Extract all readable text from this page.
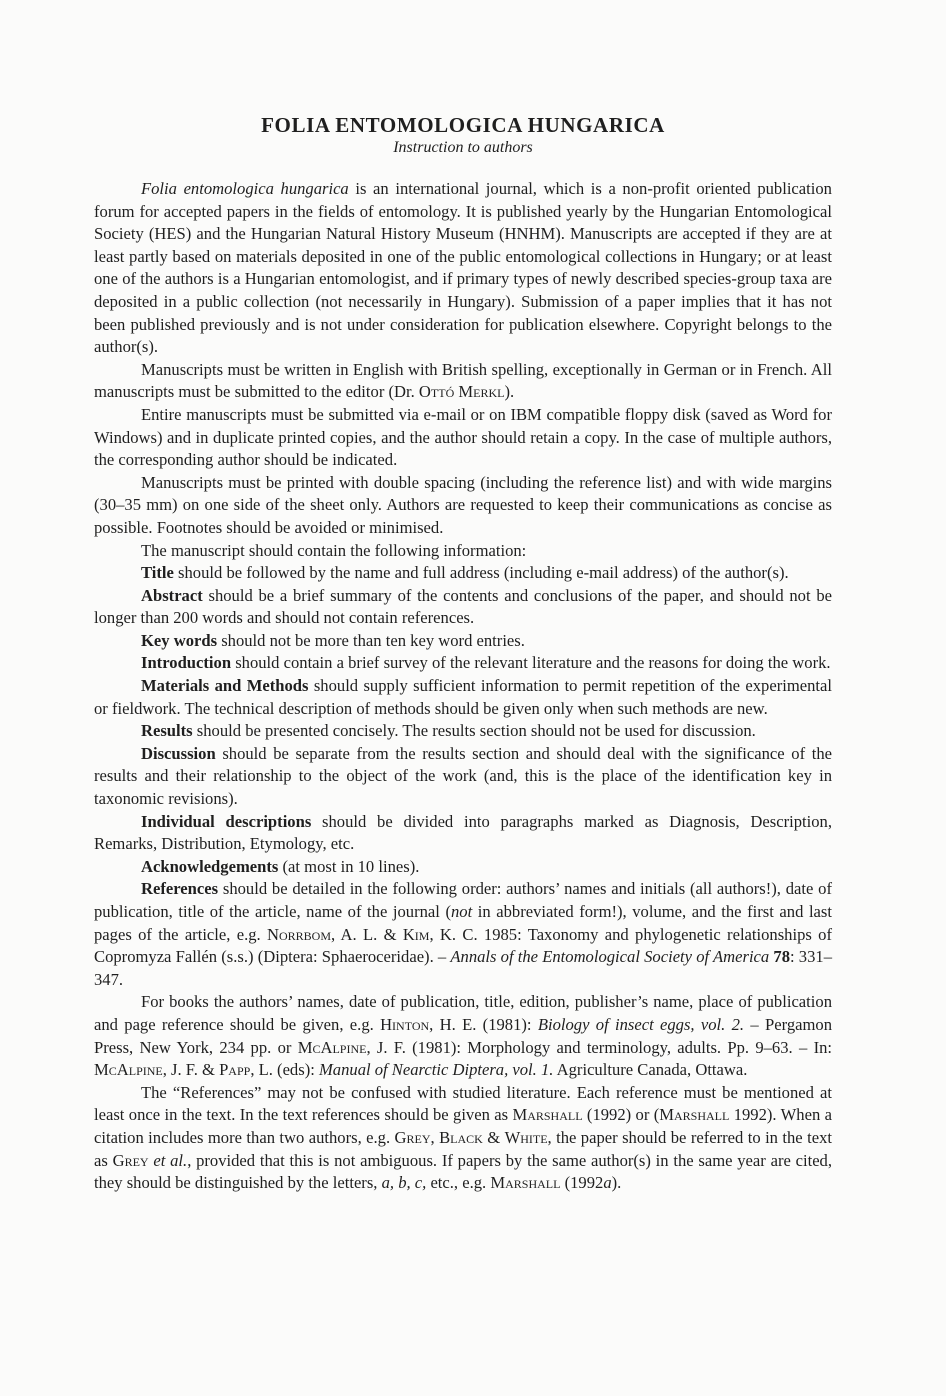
FOLIA ENTOMOLOGICA HUNGARICA
Instruction to authors

Folia entomologica hungarica is an international journal, which is a non-profit oriented publication forum for accepted papers in the fields of entomology. It is published yearly by the Hungarian Entomological Society (HES) and the Hungarian Natural History Museum (HNHM). Manuscripts are accepted if they are at least partly based on materials deposited in one of the public entomological collections in Hungary; or at least one of the authors is a Hungarian entomologist, and if primary types of newly described species-group taxa are deposited in a public collection (not necessarily in Hungary). Submission of a paper implies that it has not been published previously and is not under consideration for publication elsewhere. Copyright belongs to the author(s).

Manuscripts must be written in English with British spelling, exceptionally in German or in French. All manuscripts must be submitted to the editor (Dr. Ottó Merkl).

Entire manuscripts must be submitted via e-mail or on IBM compatible floppy disk (saved as Word for Windows) and in duplicate printed copies, and the author should retain a copy. In the case of multiple authors, the corresponding author should be indicated.

Manuscripts must be printed with double spacing (including the reference list) and with wide margins (30–35 mm) on one side of the sheet only. Authors are requested to keep their communications as concise as possible. Footnotes should be avoided or minimised.

The manuscript should contain the following information:

Title should be followed by the name and full address (including e-mail address) of the author(s).

Abstract should be a brief summary of the contents and conclusions of the paper, and should not be longer than 200 words and should not contain references.

Key words should not be more than ten key word entries.

Introduction should contain a brief survey of the relevant literature and the reasons for doing the work.

Materials and Methods should supply sufficient information to permit repetition of the experimental or fieldwork. The technical description of methods should be given only when such methods are new.

Results should be presented concisely. The results section should not be used for discussion.

Discussion should be separate from the results section and should deal with the significance of the results and their relationship to the object of the work (and, this is the place of the identification key in taxonomic revisions).

Individual descriptions should be divided into paragraphs marked as Diagnosis, Description, Remarks, Distribution, Etymology, etc.

Acknowledgements (at most in 10 lines).

References should be detailed in the following order: authors’ names and initials (all authors!), date of publication, title of the article, name of the journal (not in abbreviated form!), volume, and the first and last pages of the article, e.g. Norrbom, A. L. & Kim, K. C. 1985: Taxonomy and phylogenetic relationships of Copromyza Fallén (s.s.) (Diptera: Sphaeroceridae). – Annals of the Entomological Society of America 78: 331–347.

For books the authors’ names, date of publication, title, edition, publisher’s name, place of publication and page reference should be given, e.g. Hinton, H. E. (1981): Biology of insect eggs, vol. 2. – Pergamon Press, New York, 234 pp. or McAlpine, J. F. (1981): Morphology and terminology, adults. Pp. 9–63. – In: McAlpine, J. F. & Papp, L. (eds): Manual of Nearctic Diptera, vol. 1. Agriculture Canada, Ottawa.

The “References” may not be confused with studied literature. Each reference must be mentioned at least once in the text. In the text references should be given as Marshall (1992) or (Marshall 1992). When a citation includes more than two authors, e.g. Grey, Black & White, the paper should be referred to in the text as Grey et al., provided that this is not ambiguous. If papers by the same author(s) in the same year are cited, they should be distinguished by the letters, a, b, c, etc., e.g. Marshall (1992a).
